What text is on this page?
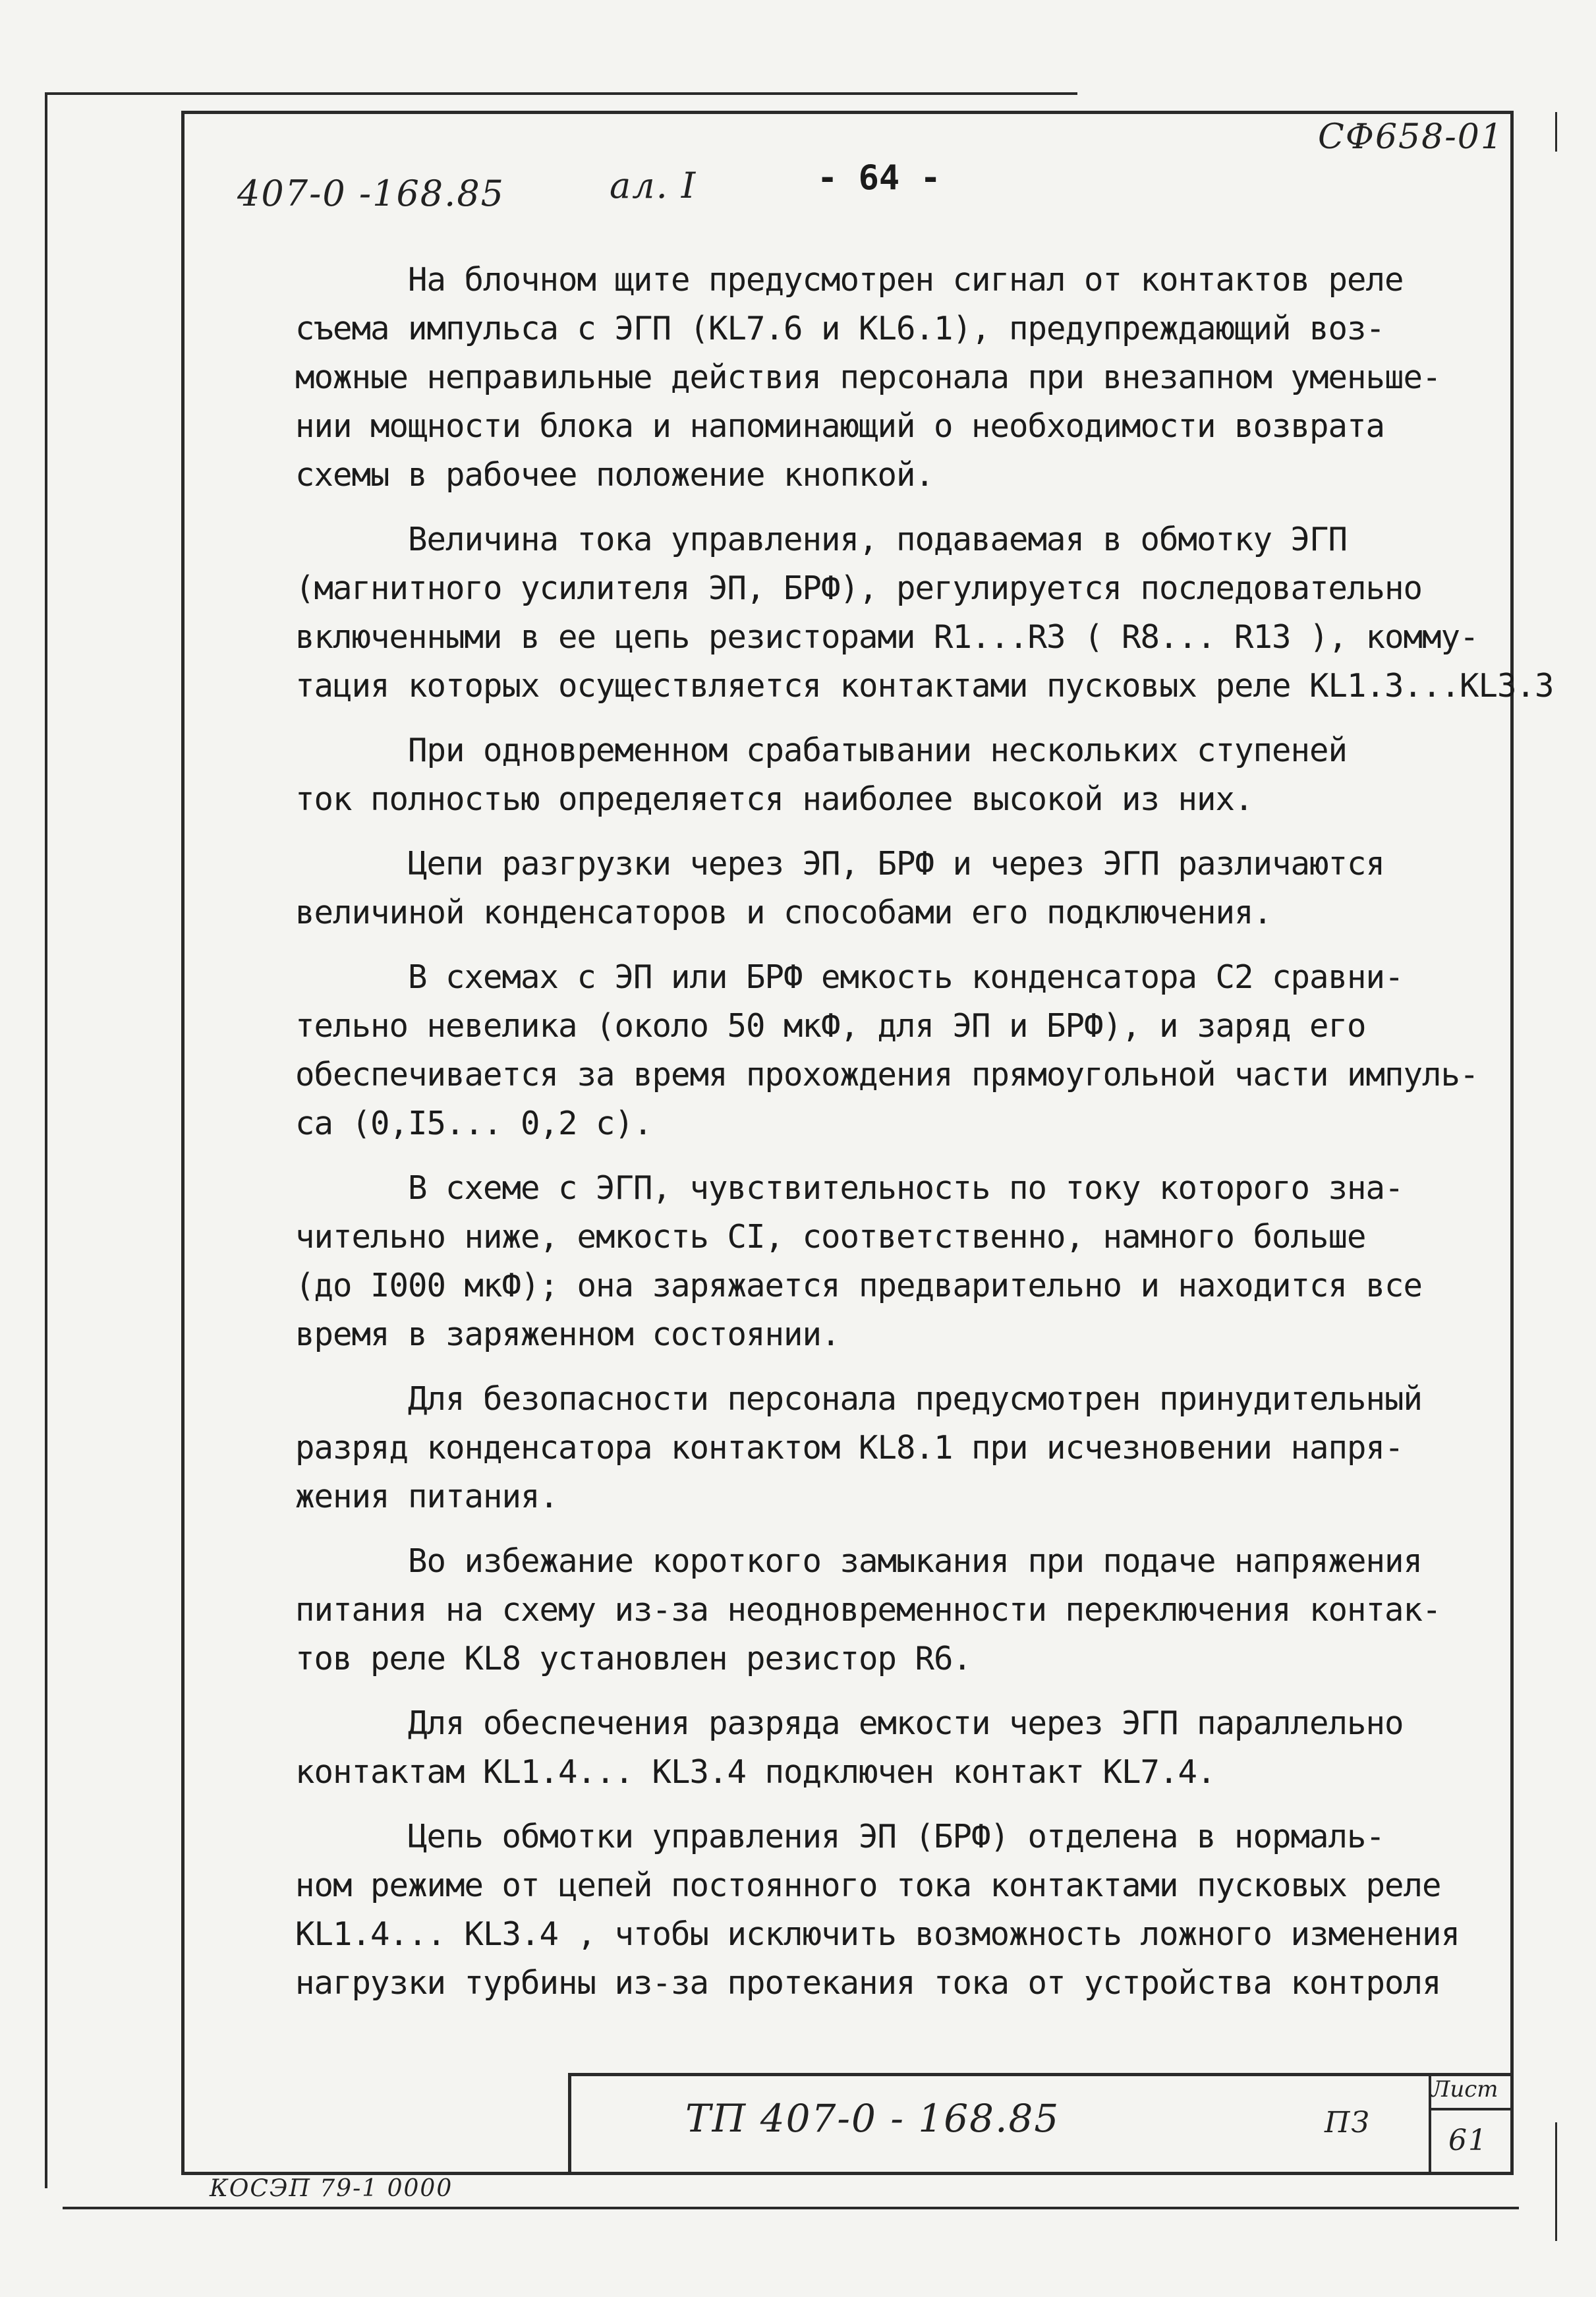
СФ658-01
407-0 -168.85	ал. I	- 64 -
На блочном щите предусмотрен сигнал от контактов реле
съема импульса с ЭГП (KL7.6 и KL6.1), предупреждающий воз-
можные неправильные действия персонала при внезапном уменьше-
нии мощности блока и напоминающий о необходимости возврата
схемы в рабочее положение кнопкой.
Величина тока управления, подаваемая в обмотку ЭГП
(магнитного усилителя ЭП, БРФ), регулируется последовательно
включенными в ее цепь резисторами R1...R3 ( R8... R13 ), комму-
тация которых осуществляется контактами пусковых реле KL1.3...KL3.3
При одновременном срабатывании нескольких ступеней
ток полностью определяется наиболее высокой из них.
Цепи разгрузки через ЭП, БРФ и через ЭГП различаются
величиной конденсаторов и способами его подключения.
В схемах с ЭП или БРФ емкость конденсатора С2 сравни-
тельно невелика (около 50 мкФ, для ЭП и БРФ), и заряд его
обеспечивается за время прохождения прямоугольной части импуль-
са (0,I5... 0,2 с).
В схеме с ЭГП, чувствительность по току которого зна-
чительно ниже, емкость СI, соответственно, намного больше
(до I000 мкФ); она заряжается предварительно и находится все
время в заряженном состоянии.
Для безопасности персонала предусмотрен принудительный
разряд конденсатора контактом KL8.1 при исчезновении напря-
жения питания.
Во избежание короткого замыкания при подаче напряжения
питания на схему из-за неодновременности переключения контак-
тов реле KL8 установлен резистор R6.
Для обеспечения разряда емкости через ЭГП параллельно
контактам KL1.4... KL3.4 подключен контакт KL7.4.
Цепь обмотки управления ЭП (БРФ) отделена в нормаль-
ном режиме от цепей постоянного тока контактами пусковых реле
KL1.4... KL3.4 , чтобы исключить возможность ложного изменения
нагрузки турбины из-за протекания тока от устройства контроля
ТП 407-0 - 168.85	ПЗ
Лист
61
КОСЭП 79-1 0000
